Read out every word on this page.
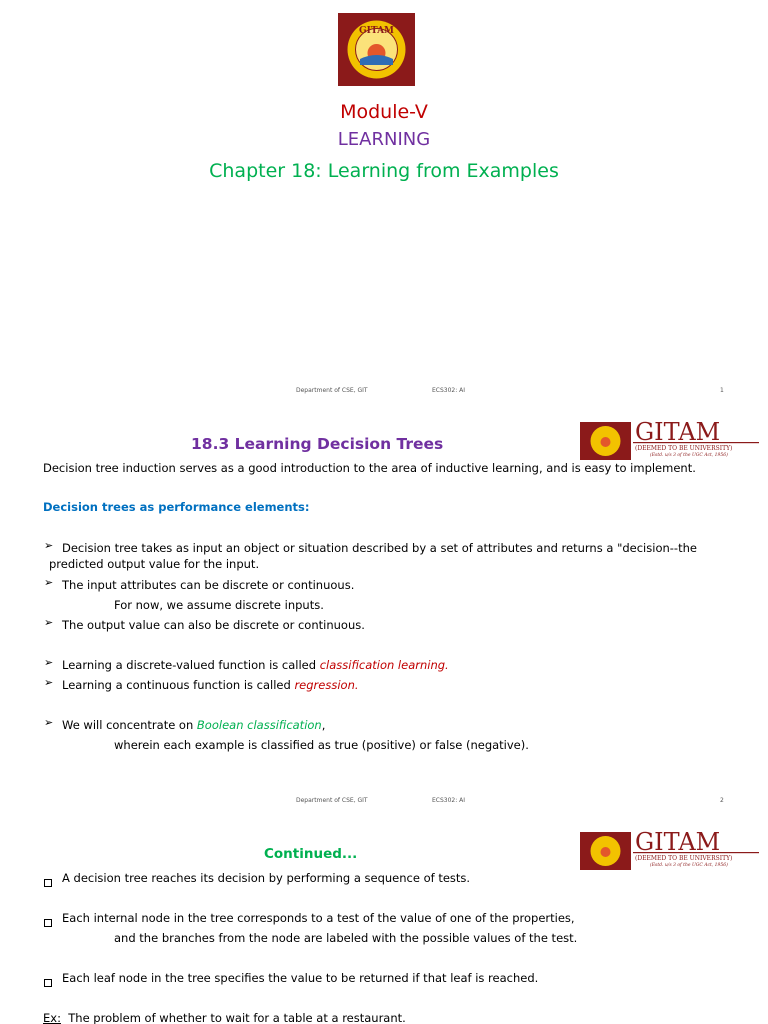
GITAM
Module-V
LEARNING
Chapter 18: Learning from Examples
Department of CSE, GIT	ECS302: AI	1
18.3 Learning Decision Trees	GITAM
(DEEMED TO BE UNIVERSITY)
(Estd. u/s 3 of the UGC Act, 1956)
Decision tree induction serves as a good introduction to the area of inductive learning, and is easy to implement.
Decision trees as performance elements:
➢ Decision tree takes as input an object or situation described by a set of attributes and returns a "decision--the
predicted output value for the input.
➢ The input attributes can be discrete or continuous.
For now, we assume discrete inputs.
➢ The output value can also be discrete or continuous.
➢ Learning a discrete-valued function is called classification learning.
➢ Learning a continuous function is called regression.
➢ We will concentrate on Boolean classification,
wherein each example is classified as true (positive) or false (negative).
Department of CSE, GIT	ECS302: AI	2
Continued...	GITAM
(DEEMED TO BE UNIVERSITY)
(Estd. u/s 3 of the UGC Act, 1956)
A decision tree reaches its decision by performing a sequence of tests.
Each internal node in the tree corresponds to a test of the value of one of the properties,
and the branches from the node are labeled with the possible values of the test.
Each leaf node in the tree specifies the value to be returned if that leaf is reached.
Ex: The problem of whether to wait for a table at a restaurant.
